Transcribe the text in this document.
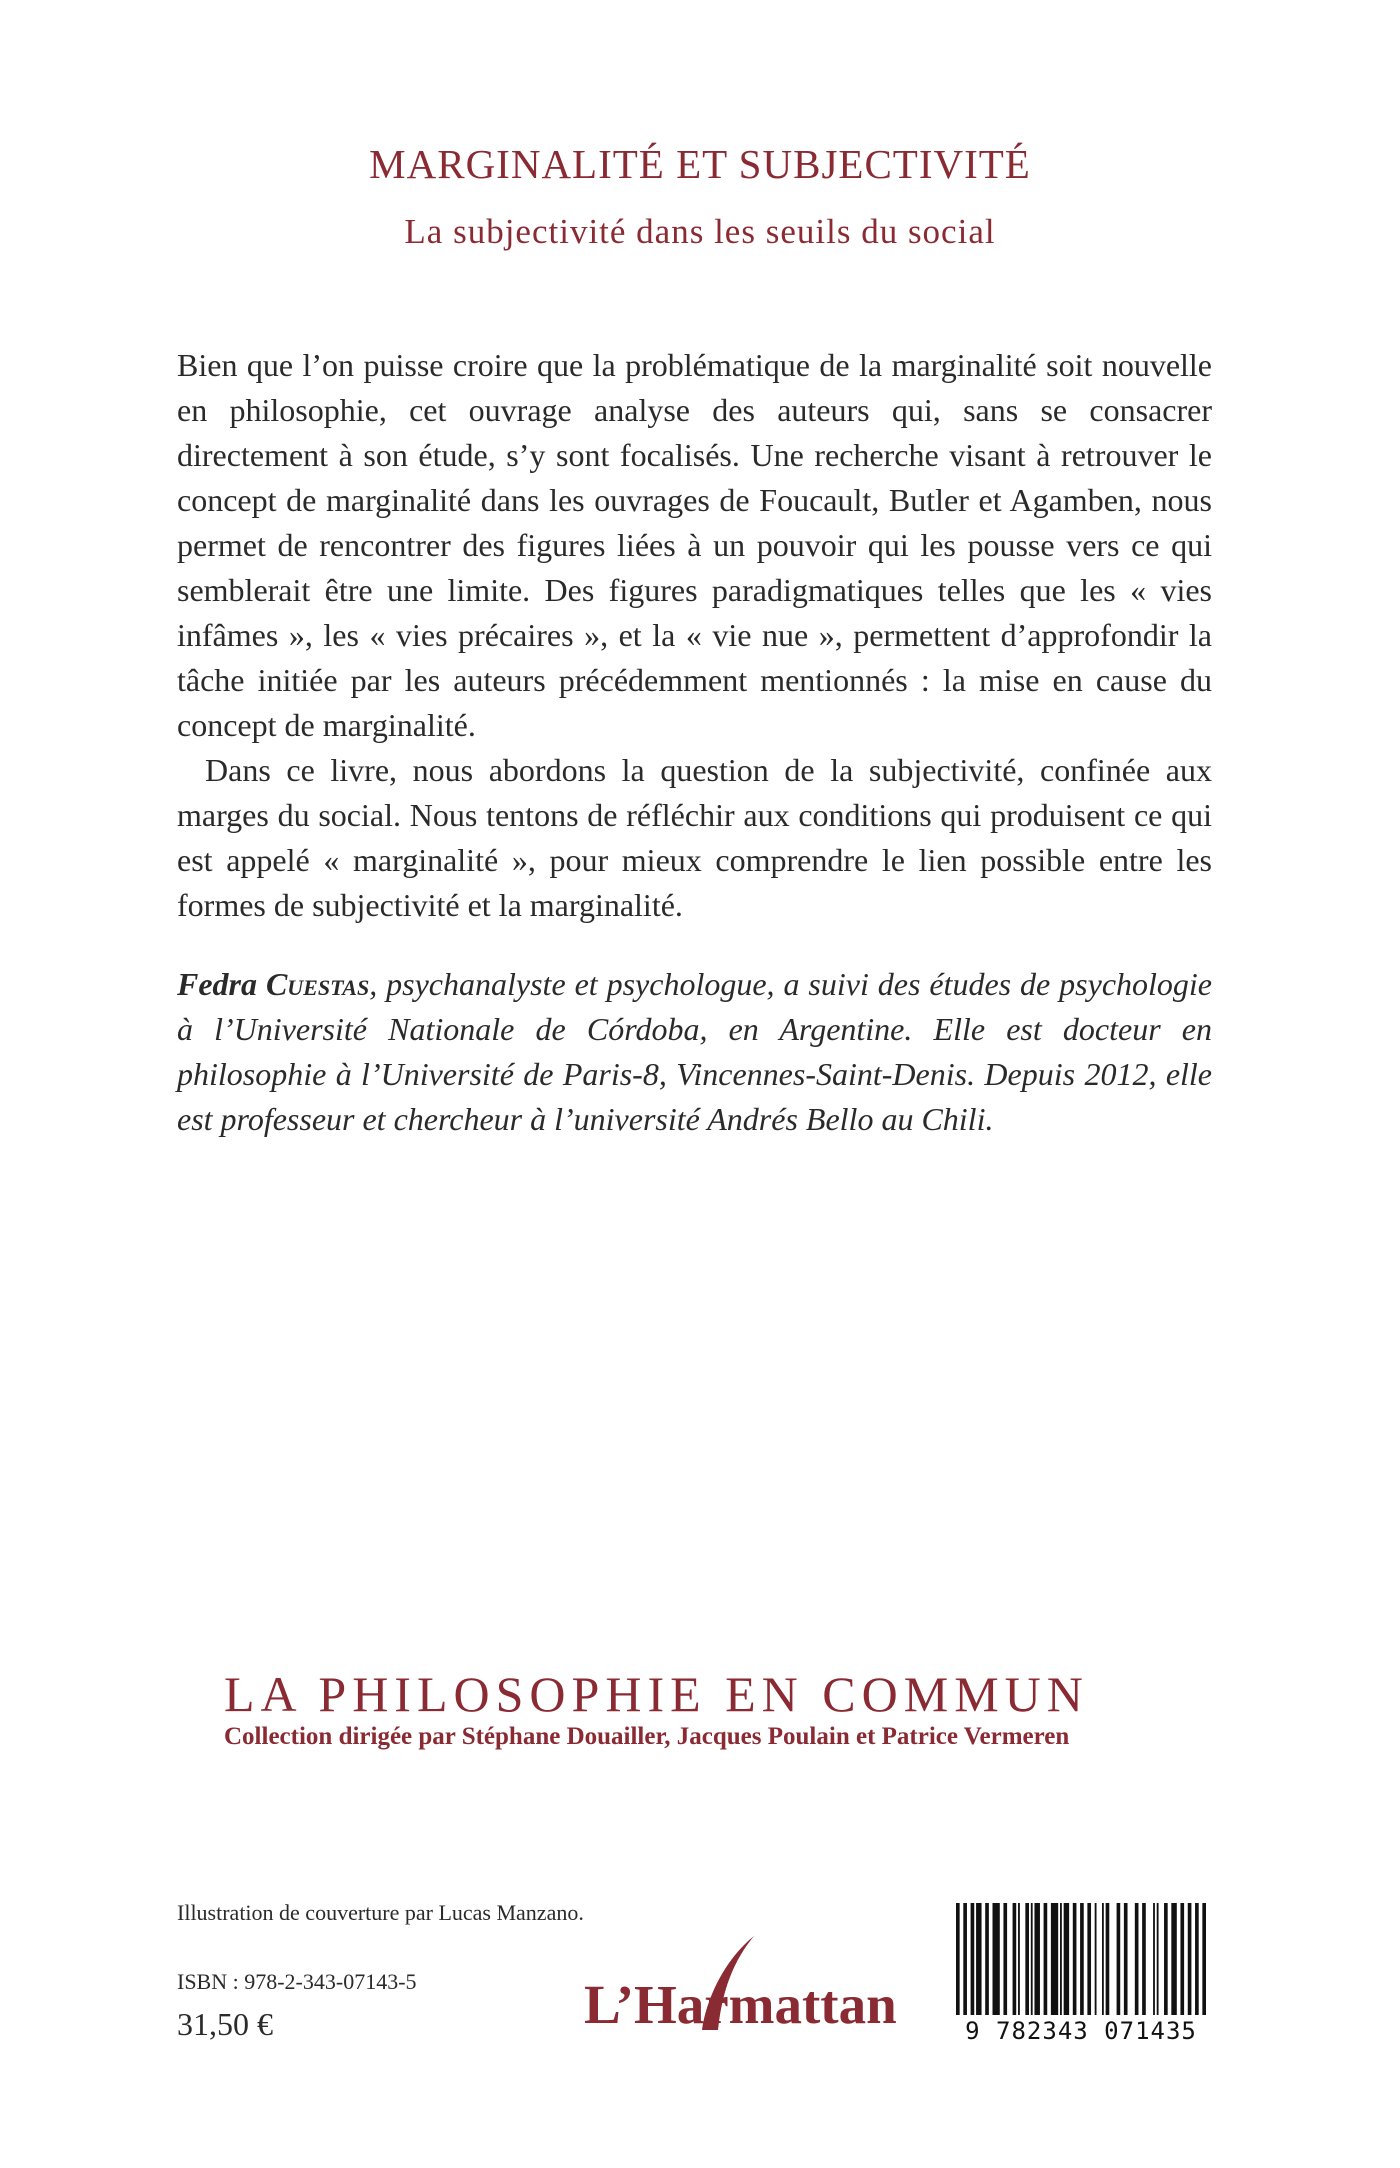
MARGINALITÉ ET SUBJECTIVITÉ
La subjectivité dans les seuils du social

Bien que l’on puisse croire que la problématique de la marginalité soit nouvelle en philosophie, cet ouvrage analyse des auteurs qui, sans se consacrer directement à son étude, s’y sont focalisés. Une recherche visant à retrouver le concept de marginalité dans les ouvrages de Foucault, Butler et Agamben, nous permet de rencontrer des figures liées à un pouvoir qui les pousse vers ce qui semblerait être une limite. Des figures paradigmatiques telles que les « vies infâmes », les « vies précaires », et la « vie nue », permettent d’approfondir la tâche initiée par les auteurs précédemment mentionnés : la mise en cause du concept de marginalité.

Dans ce livre, nous abordons la question de la subjectivité, confinée aux marges du social. Nous tentons de réfléchir aux conditions qui produisent ce qui est appelé « marginalité », pour mieux comprendre le lien possible entre les formes de subjectivité et la marginalité.

Fedra Cuestas, psychanalyste et psychologue, a suivi des études de psychologie à l’Université Nationale de Córdoba, en Argentine. Elle est docteur en philosophie à l’Université de Paris-8, Vincennes-Saint-Denis. Depuis 2012, elle est professeur et chercheur à l’université Andrés Bello au Chili.
LA PHILOSOPHIE EN COMMUN
Collection dirigée par Stéphane Douailler, Jacques Poulain et Patrice Vermeren
Illustration de couverture par Lucas Manzano.
ISBN : 978-2-343-07143-5
31,50 €	L’Harmattan	9 782343 071435
